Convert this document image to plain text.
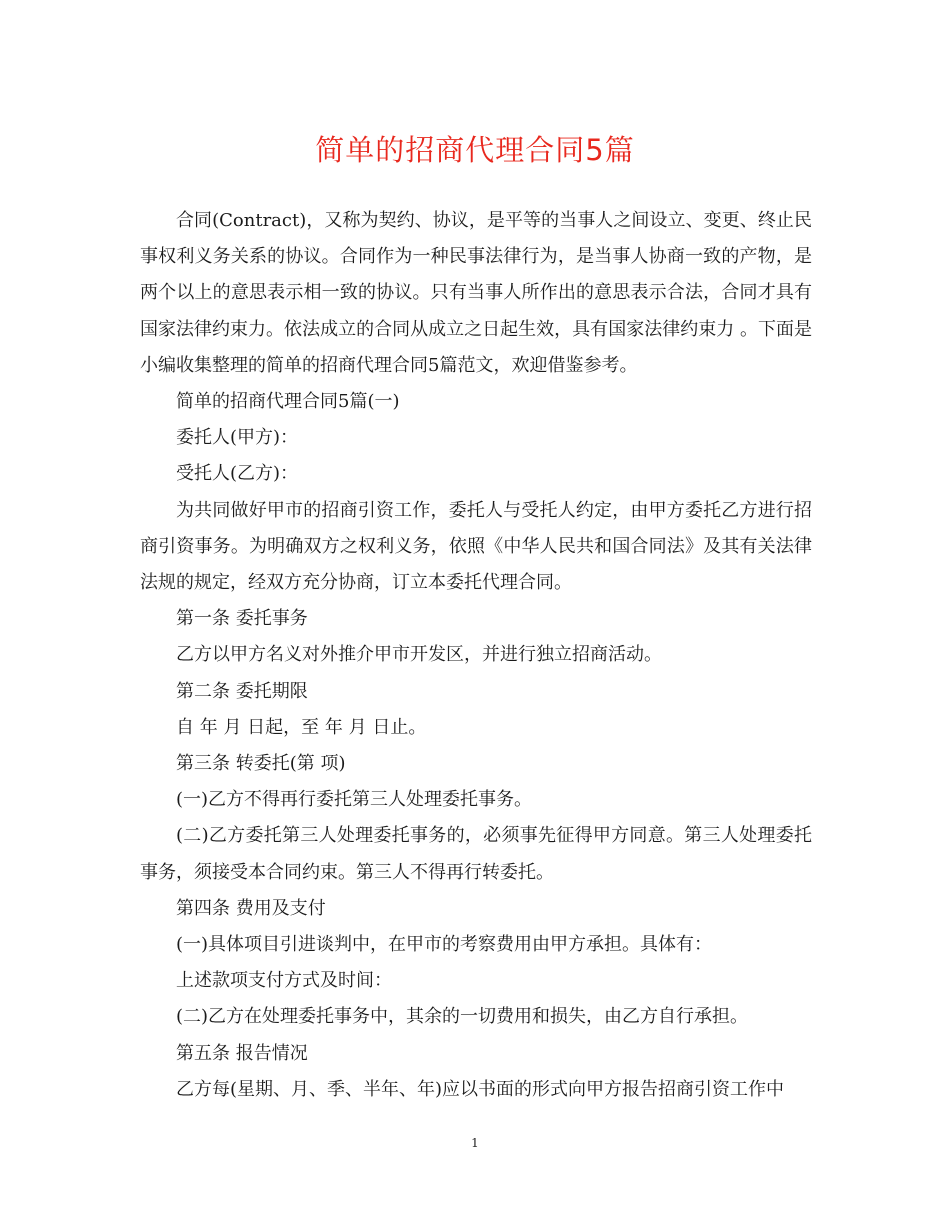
简单的招商代理合同5篇

合同(Contract)，又称为契约、协议，是平等的当事人之间设立、变更、终止民事权利义务关系的协议。合同作为一种民事法律行为，是当事人协商一致的产物，是两个以上的意思表示相一致的协议。只有当事人所作出的意思表示合法，合同才具有国家法律约束力。依法成立的合同从成立之日起生效，具有国家法律约束力 。下面是小编收集整理的简单的招商代理合同5篇范文，欢迎借鉴参考。

简单的招商代理合同5篇(一)

委托人(甲方)：

受托人(乙方)：

为共同做好甲市的招商引资工作，委托人与受托人约定，由甲方委托乙方进行招商引资事务。为明确双方之权利义务，依照《中华人民共和国合同法》及其有关法律法规的规定，经双方充分协商，订立本委托代理合同。

第一条 委托事务

乙方以甲方名义对外推介甲市开发区，并进行独立招商活动。

第二条 委托期限

自 年 月 日起，至 年 月 日止。

第三条 转委托(第 项)

(一)乙方不得再行委托第三人处理委托事务。

(二)乙方委托第三人处理委托事务的，必须事先征得甲方同意。第三人处理委托事务，须接受本合同约束。第三人不得再行转委托。

第四条 费用及支付

(一)具体项目引进谈判中，在甲市的考察费用由甲方承担。具体有：

上述款项支付方式及时间：

(二)乙方在处理委托事务中，其余的一切费用和损失，由乙方自行承担。

第五条 报告情况

乙方每(星期、月、季、半年、年)应以书面的形式向甲方报告招商引资工作中

1
